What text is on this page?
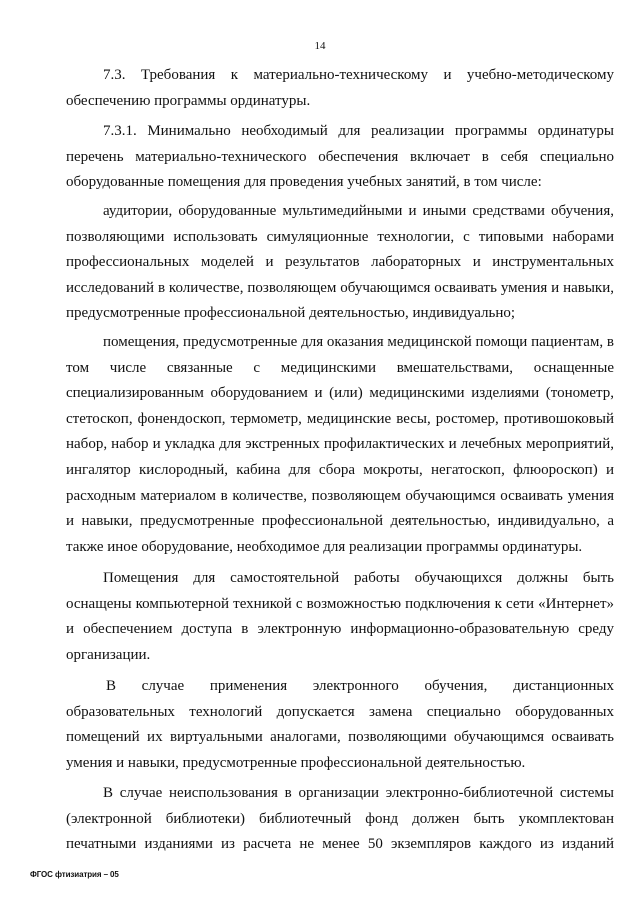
14

7.3. Требования к материально-техническому и учебно-методическому обеспечению программы ординатуры.

7.3.1. Минимально необходимый для реализации программы ординатуры перечень материально-технического обеспечения включает в себя специально оборудованные помещения для проведения учебных занятий, в том числе:

аудитории, оборудованные мультимедийными и иными средствами обучения, позволяющими использовать симуляционные технологии, с типовыми наборами профессиональных моделей и результатов лабораторных и инструментальных исследований в количестве, позволяющем обучающимся осваивать умения и навыки, предусмотренные профессиональной деятельностью, индивидуально;

помещения, предусмотренные для оказания медицинской помощи пациентам, в том числе связанные с медицинскими вмешательствами, оснащенные специализированным оборудованием и (или) медицинскими изделиями (тонометр, стетоскоп, фонендоскоп, термометр, медицинские весы, ростомер, противошоковый набор, набор и укладка для экстренных профилактических и лечебных мероприятий, ингалятор кислородный, кабина для сбора мокроты, негатоскоп, флюороскоп) и расходным материалом в количестве, позволяющем обучающимся осваивать умения и навыки, предусмотренные профессиональной деятельностью, индивидуально, а также иное оборудование, необходимое для реализации программы ординатуры.

Помещения для самостоятельной работы обучающихся должны быть оснащены компьютерной техникой с возможностью подключения к сети «Интернет» и обеспечением доступа в электронную информационно-образовательную среду организации.

В случае применения электронного обучения, дистанционных образовательных технологий допускается замена специально оборудованных помещений их виртуальными аналогами, позволяющими обучающимся осваивать умения и навыки, предусмотренные профессиональной деятельностью.

В случае неиспользования в организации электронно-библиотечной системы (электронной библиотеки) библиотечный фонд должен быть укомплектован печатными изданиями из расчета не менее 50 экземпляров каждого из изданий

ФГОС фтизиатрия – 05
